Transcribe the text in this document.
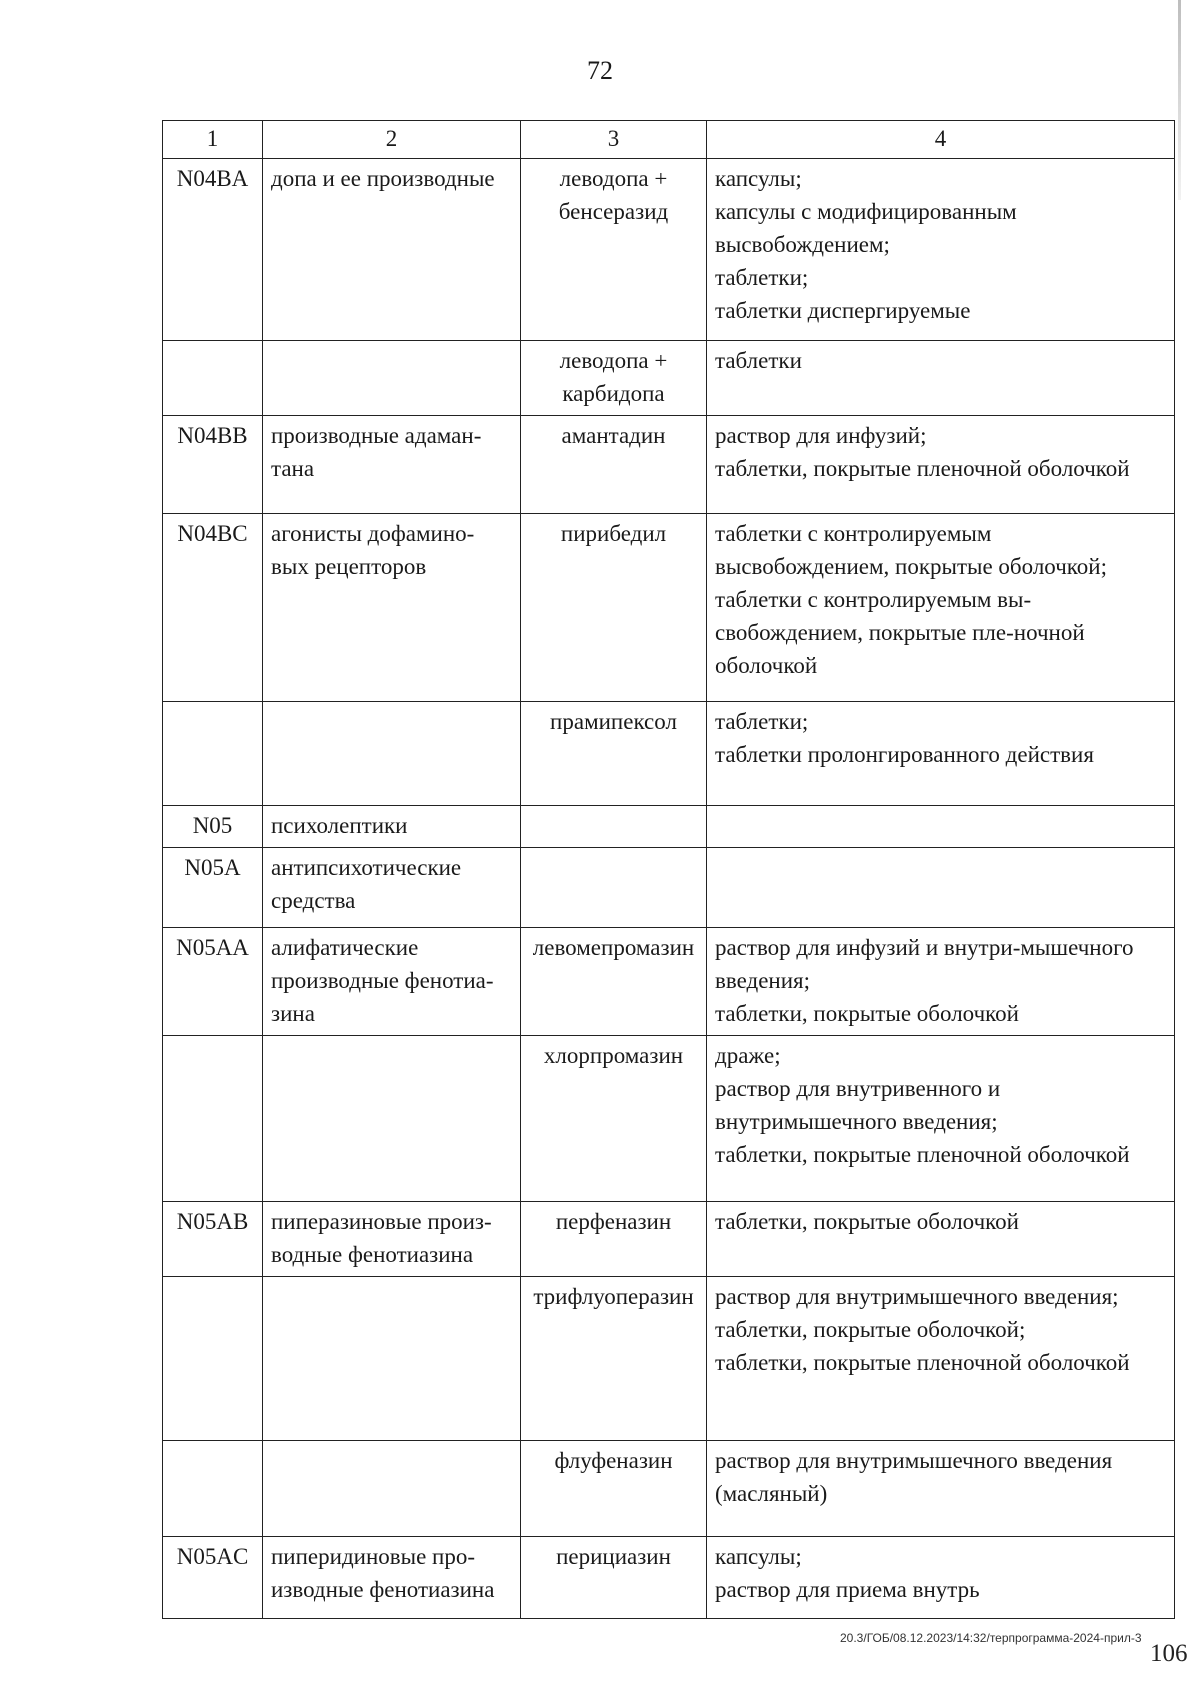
72
1	2	3	4
N04BA	допа и ее производные	леводопа + бенсеразид	капсулы;
капсулы с модифицированным высвобождением;
таблетки;
таблетки диспергируемые

		леводопа + карбидопа	таблетки

N04BB	производные адаман-тана	амантадин	раствор для инфузий;
таблетки, покрытые пленочной оболочкой

N04BC	агонисты дофамино-вых рецепторов	пирибедил	таблетки с контролируемым высвобождением, покрытые оболочкой;
таблетки с контролируемым вы-свобождением, покрытые пле-ночной оболочкой

		прамипексол	таблетки;
таблетки пролонгированного действия

N05	психолептики		
N05A	антипсихотические средства		
N05AA	алифатические производные фенотиа-зина	левомепромазин	раствор для инфузий и внутри-мышечного введения;
таблетки, покрытые оболочкой

		хлорпромазин	драже;
раствор для внутривенного и внутримышечного введения;
таблетки, покрытые пленочной оболочкой

N05AB	пиперазиновые произ-водные фенотиазина	перфеназин	таблетки, покрытые оболочкой

		трифлуоперазин	раствор для внутримышечного введения;
таблетки, покрытые оболочкой;
таблетки, покрытые пленочной оболочкой

		флуфеназин	раствор для внутримышечного введения (масляный)

N05AC	пиперидиновые про-изводные фенотиазина	перициазин	капсулы;
раствор для приема внутрь
20.3/ГОБ/08.12.2023/14:32/терпрограмма-2024-прил-3
106
